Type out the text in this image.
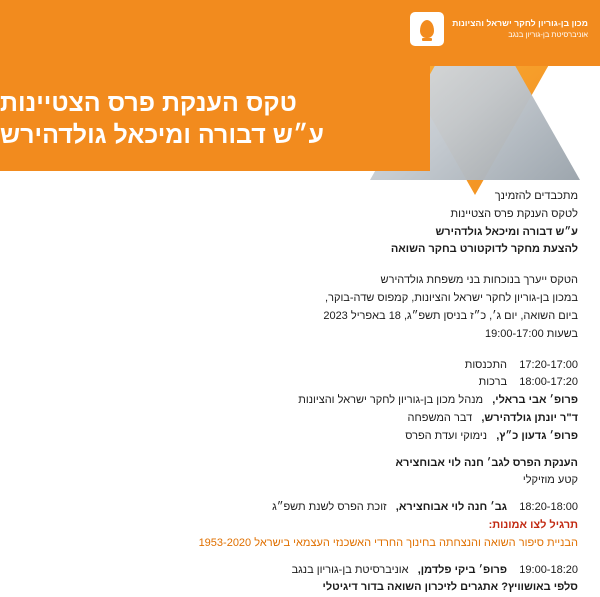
מכון בן-גוריון לחקר ישראל והציונות
אוניברסיטת בן-גוריון בנגב
טקס הענקת פרס הצטיינות
ע״ש דבורה ומיכאל גולדהירש
מתכבדים להזמינך
לטקס הענקת פרס הצטיינות
ע״ש דבורה ומיכאל גולדהירש
להצעת מחקר לדוקטורט בחקר השואה
הטקס ייערך בנוכחות בני משפחת גולדהירש
במכון בן-גוריון לחקר ישראל והציונות, קמפוס שדה-בוקר,
ביום השואה, יום ג׳, כ״ז בניסן תשפ״ג, 18 באפריל 2023
בשעות 19:00-17:00
17:20-17:00    התכנסות
18:00-17:20    ברכות
פרופ׳ אבי בראלי,   מנהל מכון בן-גוריון לחקר ישראל והציונות
ד"ר יונתן גולדהירש,   דבר המשפחה
פרופ׳ גדעון כ״ץ,   נימוקי ועדת הפרס
הענקת הפרס לגב׳ חנה לוי אבוחצירא
קטע מוזיקלי
18:20-18:00    גב׳ חנה לוי אבוחצירא,   זוכת הפרס לשנת תשפ״ג
תרגיל לצו אמונות:
הבניית סיפור השואה והנצחתה בחינוך החרדי האשכנזי העצמאי בישראל 1953-2020
19:00-18:20    פרופ׳ ביקי פלדמן,   אוניברסיטת בן-גוריון בנגב
סלפי באושוויץ? אתגרים לזיכרון השואה בדור דיגיטלי
